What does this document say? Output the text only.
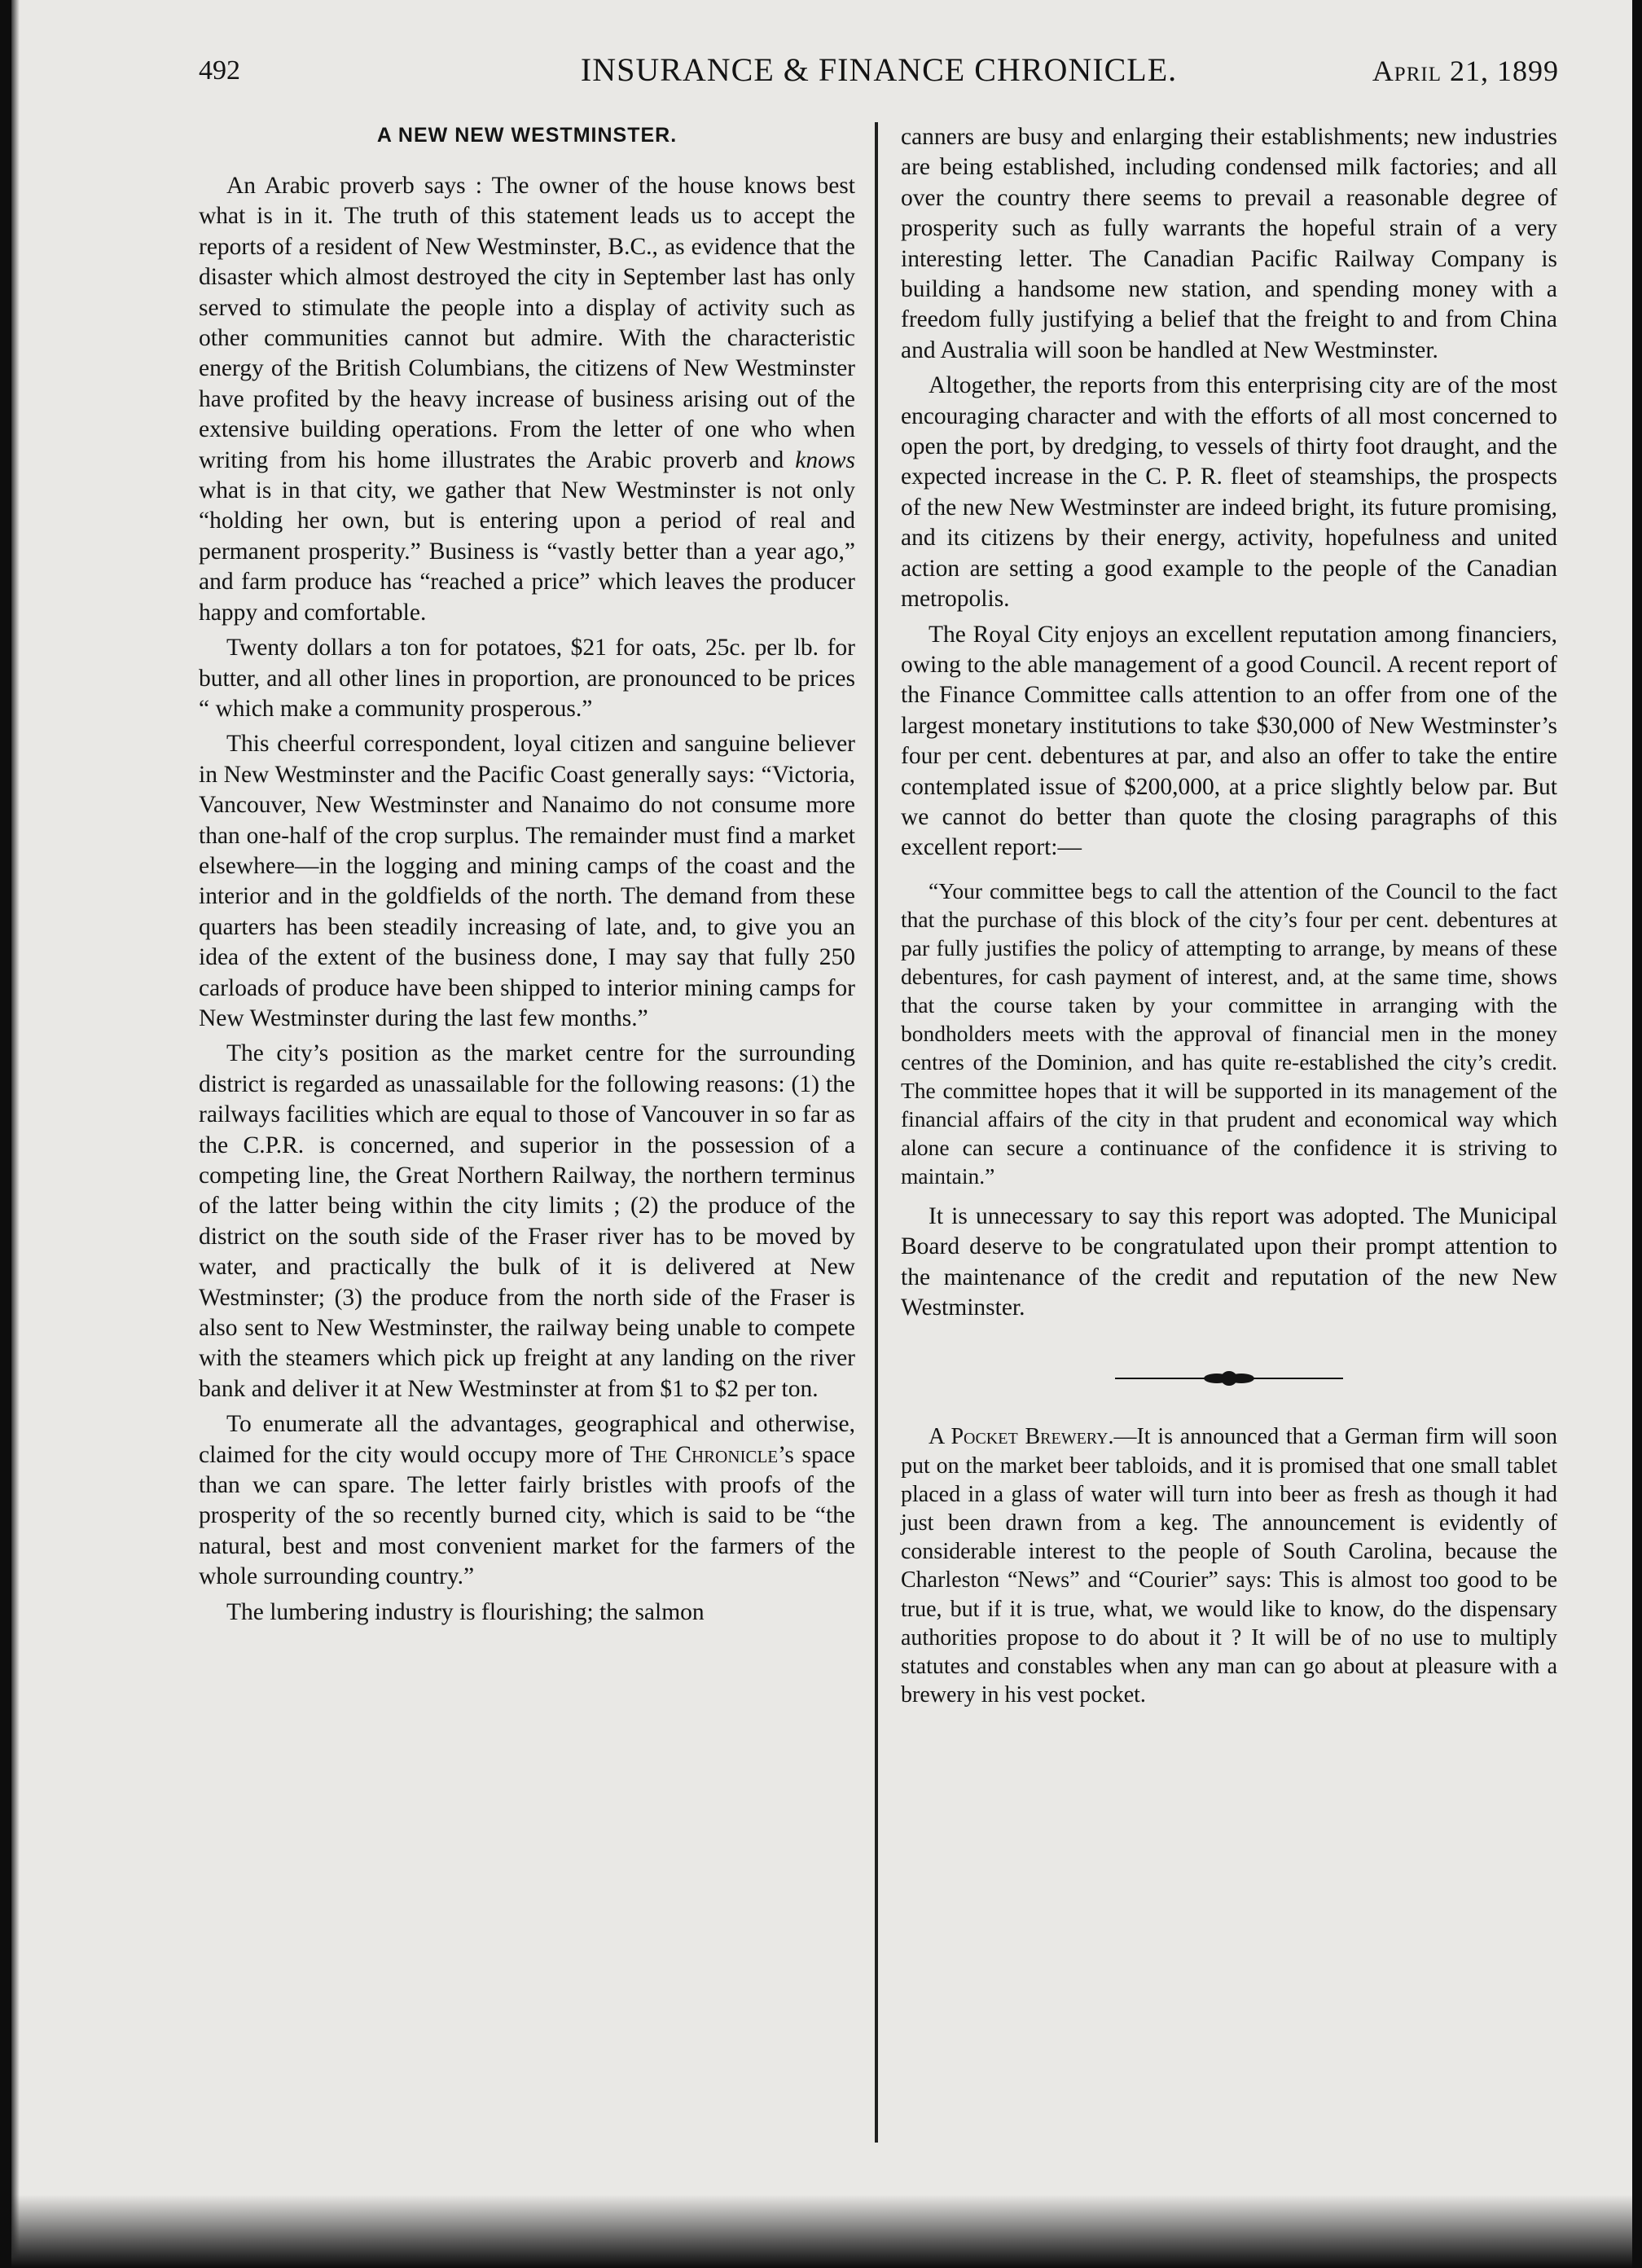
492	INSURANCE & FINANCE CHRONICLE.	April 21, 1899
A NEW NEW WESTMINSTER.

An Arabic proverb says : The owner of the house knows best what is in it. The truth of this statement leads us to accept the reports of a resident of New Westminster, B.C., as evidence that the disaster which almost destroyed the city in September last has only served to stimulate the people into a display of activity such as other communities cannot but admire. With the characteristic energy of the British Columbians, the citizens of New Westminster have profited by the heavy increase of business arising out of the extensive building operations. From the letter of one who when writing from his home illustrates the Arabic proverb and knows what is in that city, we gather that New Westminster is not only “holding her own, but is entering upon a period of real and permanent prosperity.” Business is “vastly better than a year ago,” and farm produce has “reached a price” which leaves the producer happy and comfortable.

Twenty dollars a ton for potatoes, $21 for oats, 25c. per lb. for butter, and all other lines in proportion, are pronounced to be prices “ which make a community prosperous.”

This cheerful correspondent, loyal citizen and sanguine believer in New Westminster and the Pacific Coast generally says: “Victoria, Vancouver, New Westminster and Nanaimo do not consume more than one-half of the crop surplus. The remainder must find a market elsewhere—in the logging and mining camps of the coast and the interior and in the goldfields of the north. The demand from these quarters has been steadily increasing of late, and, to give you an idea of the extent of the business done, I may say that fully 250 carloads of produce have been shipped to interior mining camps for New Westminster during the last few months.”

The city’s position as the market centre for the surrounding district is regarded as unassailable for the following reasons: (1) the railways facilities which are equal to those of Vancouver in so far as the C.P.R. is concerned, and superior in the possession of a competing line, the Great Northern Railway, the northern terminus of the latter being within the city limits ; (2) the produce of the district on the south side of the Fraser river has to be moved by water, and practically the bulk of it is delivered at New Westminster; (3) the produce from the north side of the Fraser is also sent to New Westminster, the railway being unable to compete with the steamers which pick up freight at any landing on the river bank and deliver it at New Westminster at from $1 to $2 per ton.

To enumerate all the advantages, geographical and otherwise, claimed for the city would occupy more of The Chronicle’s space than we can spare. The letter fairly bristles with proofs of the prosperity of the so recently burned city, which is said to be “the natural, best and most convenient market for the farmers of the whole surrounding country.”

The lumbering industry is flourishing; the salmon

canners are busy and enlarging their establishments; new industries are being established, including condensed milk factories; and all over the country there seems to prevail a reasonable degree of prosperity such as fully warrants the hopeful strain of a very interesting letter. The Canadian Pacific Railway Company is building a handsome new station, and spending money with a freedom fully justifying a belief that the freight to and from China and Australia will soon be handled at New Westminster.

Altogether, the reports from this enterprising city are of the most encouraging character and with the efforts of all most concerned to open the port, by dredging, to vessels of thirty foot draught, and the expected increase in the C. P. R. fleet of steamships, the prospects of the new New Westminster are indeed bright, its future promising, and its citizens by their energy, activity, hopefulness and united action are setting a good example to the people of the Canadian metropolis.

The Royal City enjoys an excellent reputation among financiers, owing to the able management of a good Council. A recent report of the Finance Committee calls attention to an offer from one of the largest monetary institutions to take $30,000 of New Westminster’s four per cent. debentures at par, and also an offer to take the entire contemplated issue of $200,000, at a price slightly below par. But we cannot do better than quote the closing paragraphs of this excellent report:—

“Your committee begs to call the attention of the Council to the fact that the purchase of this block of the city’s four per cent. debentures at par fully justifies the policy of attempting to arrange, by means of these debentures, for cash payment of interest, and, at the same time, shows that the course taken by your committee in arranging with the bondholders meets with the approval of financial men in the money centres of the Dominion, and has quite re-established the city’s credit. The committee hopes that it will be supported in its management of the financial affairs of the city in that prudent and economical way which alone can secure a continuance of the confidence it is striving to maintain.”

It is unnecessary to say this report was adopted. The Municipal Board deserve to be congratulated upon their prompt attention to the maintenance of the credit and reputation of the new New Westminster.

A Pocket Brewery.—It is announced that a German firm will soon put on the market beer tabloids, and it is promised that one small tablet placed in a glass of water will turn into beer as fresh as though it had just been drawn from a keg. The announcement is evidently of considerable interest to the people of South Carolina, because the Charleston “News” and “Courier” says: This is almost too good to be true, but if it is true, what, we would like to know, do the dispensary authorities propose to do about it ? It will be of no use to multiply statutes and constables when any man can go about at pleasure with a brewery in his vest pocket.
